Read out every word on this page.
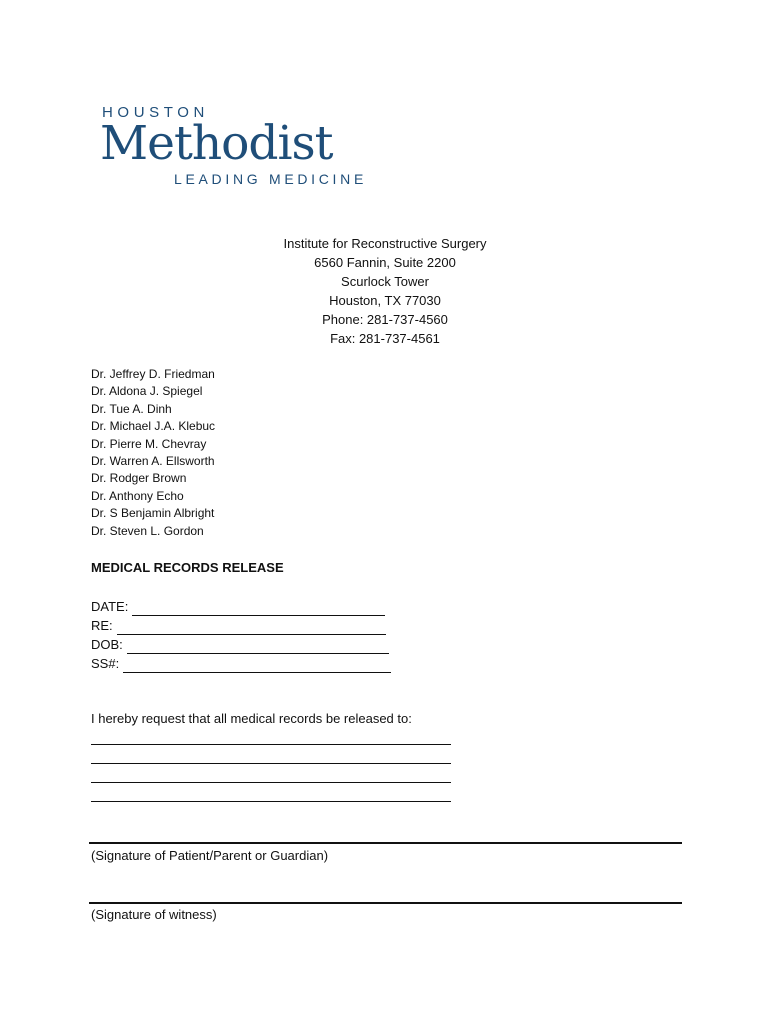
HOUSTON
Methodist
LEADING MEDICINE
Institute for Reconstructive Surgery
6560 Fannin, Suite 2200
Scurlock Tower
Houston, TX 77030
Phone: 281-737-4560
Fax: 281-737-4561
Dr. Jeffrey D. Friedman
Dr. Aldona J. Spiegel
Dr. Tue A. Dinh
Dr. Michael J.A. Klebuc
Dr. Pierre M. Chevray
Dr. Warren A. Ellsworth
Dr. Rodger Brown
Dr. Anthony Echo
Dr. S Benjamin Albright
Dr. Steven L. Gordon
MEDICAL RECORDS RELEASE
DATE:
RE:
DOB:
SS#:
I hereby request that all medical records be released to:
(Signature of Patient/Parent or Guardian)
(Signature of witness)
